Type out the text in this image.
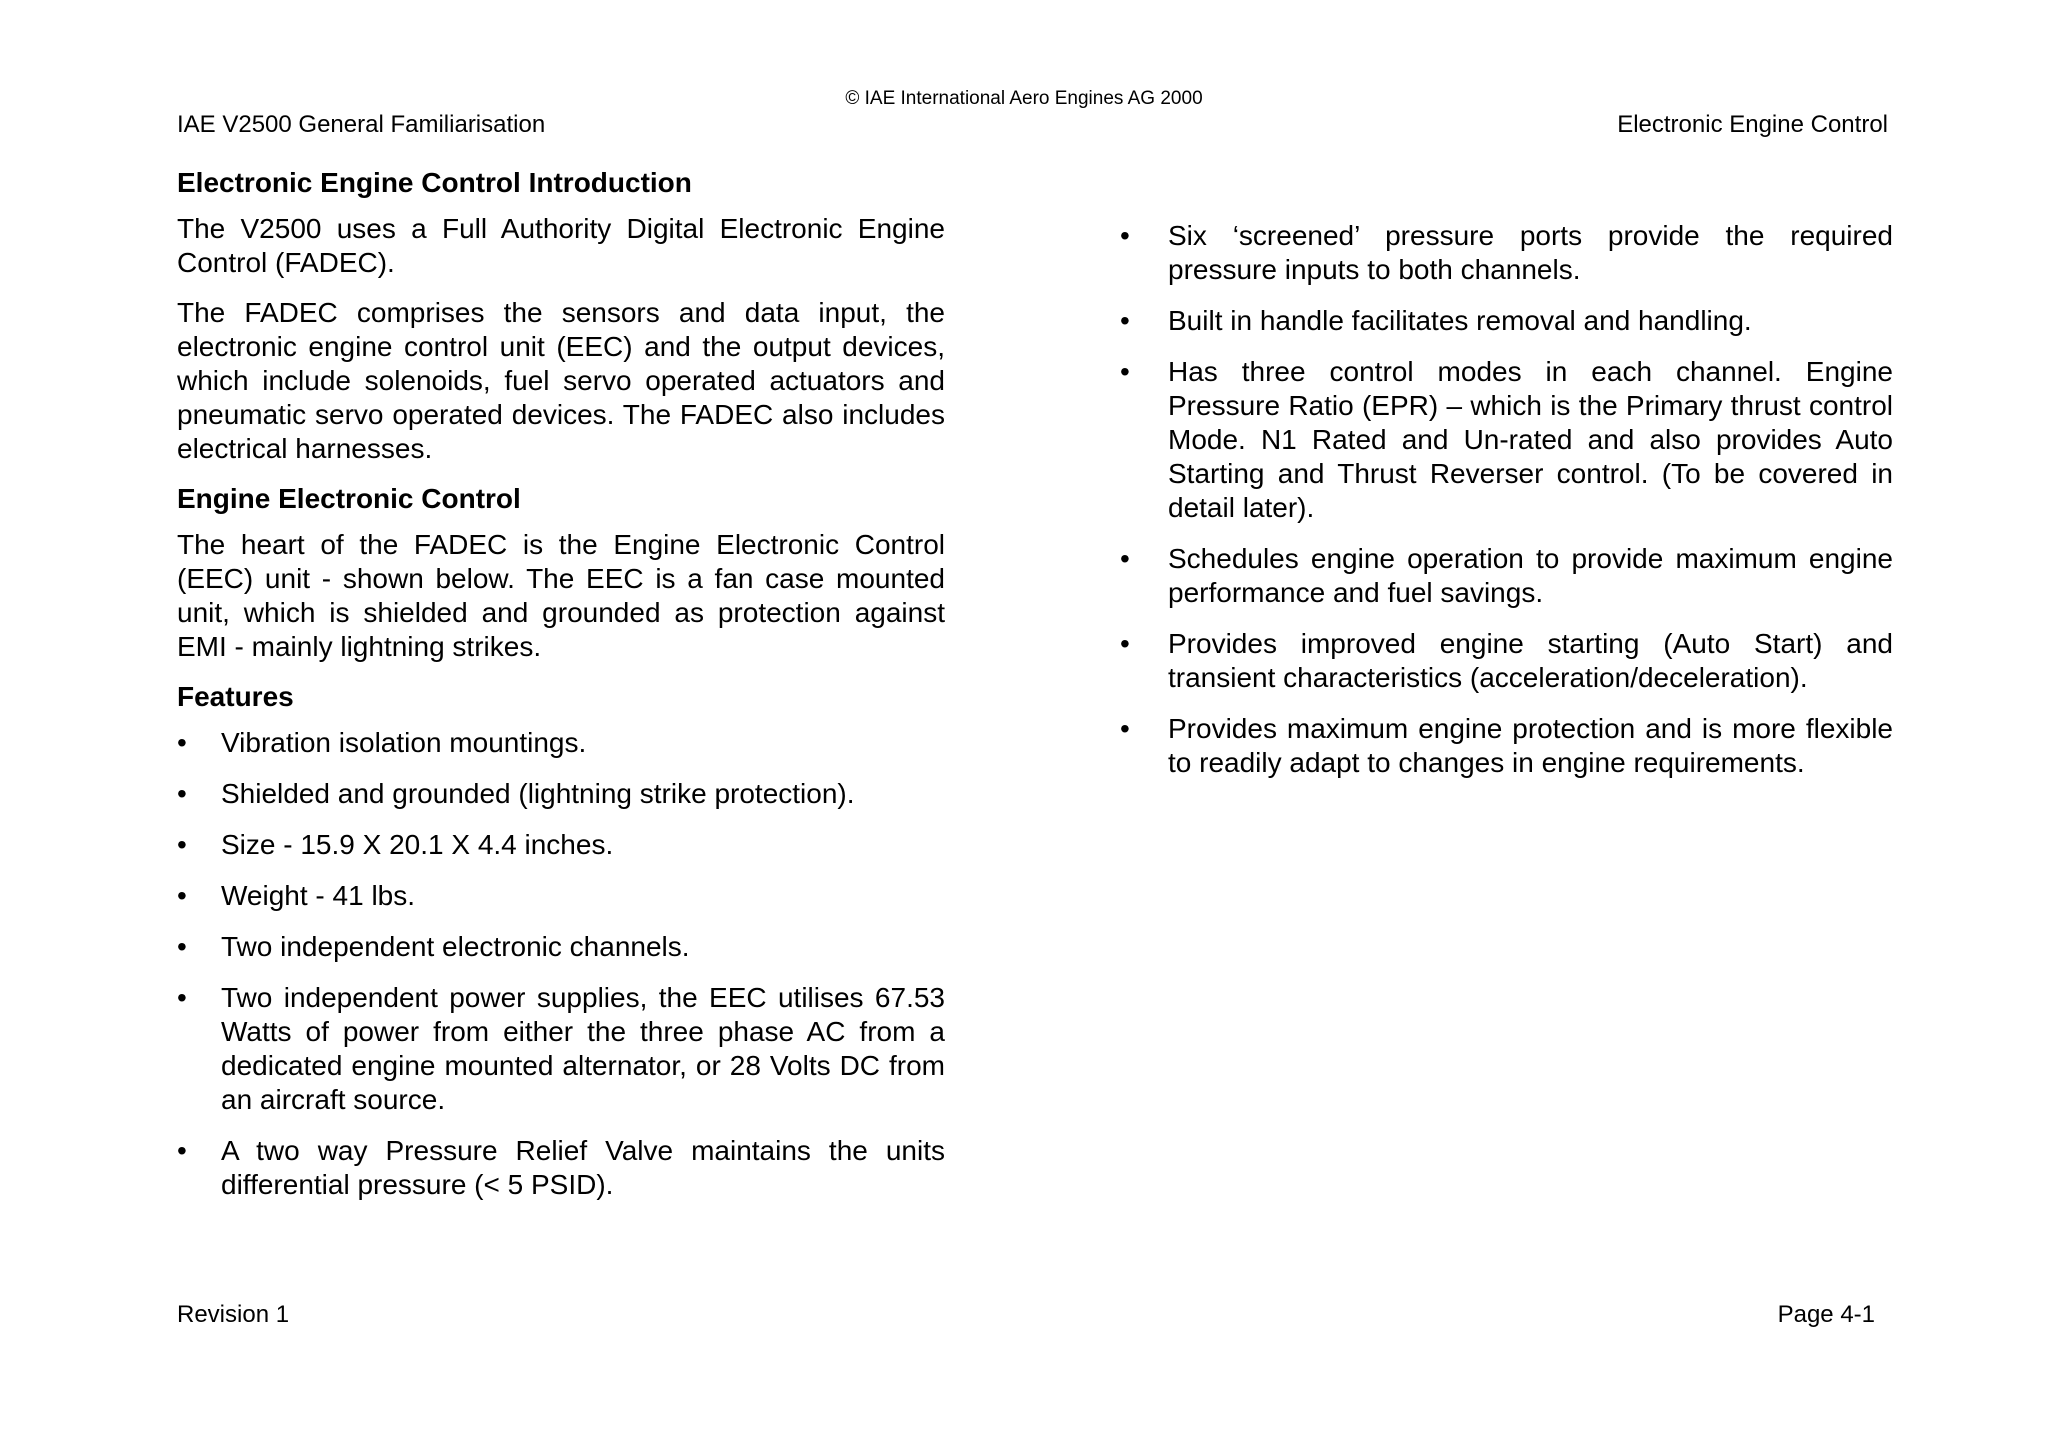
© IAE International Aero Engines AG 2000
IAE V2500 General Familiarisation	Electronic Engine Control
Electronic Engine Control Introduction

The V2500 uses a Full Authority Digital Electronic Engine Control (FADEC).

The FADEC comprises the sensors and data input, the electronic engine control unit (EEC) and the output devices, which include solenoids, fuel servo operated actuators and pneumatic servo operated devices. The FADEC also includes electrical harnesses.

Engine Electronic Control

The heart of the FADEC is the Engine Electronic Control (EEC) unit - shown below. The EEC is a fan case mounted unit, which is shielded and grounded as protection against EMI - mainly lightning strikes.

Features
•	Vibration isolation mountings.
•	Shielded and grounded (lightning strike protection).
•	Size - 15.9 X 20.1 X 4.4 inches.
•	Weight - 41 lbs.
•	Two independent electronic channels.
•	Two independent power supplies, the EEC utilises 67.53 Watts of power from either the three phase AC from a dedicated engine mounted alternator, or 28 Volts DC from an aircraft source.
•	A two way Pressure Relief Valve maintains the units differential pressure (< 5 PSID).
•	Six ‘screened’ pressure ports provide the required pressure inputs to both channels.
•	Built in handle facilitates removal and handling.
•	Has three control modes in each channel. Engine Pressure Ratio (EPR) – which is the Primary thrust control Mode. N1 Rated and Un-rated and also provides Auto Starting and Thrust Reverser control. (To be covered in detail later).
•	Schedules engine operation to provide maximum engine performance and fuel savings.
•	Provides improved engine starting (Auto Start) and transient characteristics (acceleration/deceleration).
•	Provides maximum engine protection and is more flexible to readily adapt to changes in engine requirements.
Revision 1	Page 4-1
